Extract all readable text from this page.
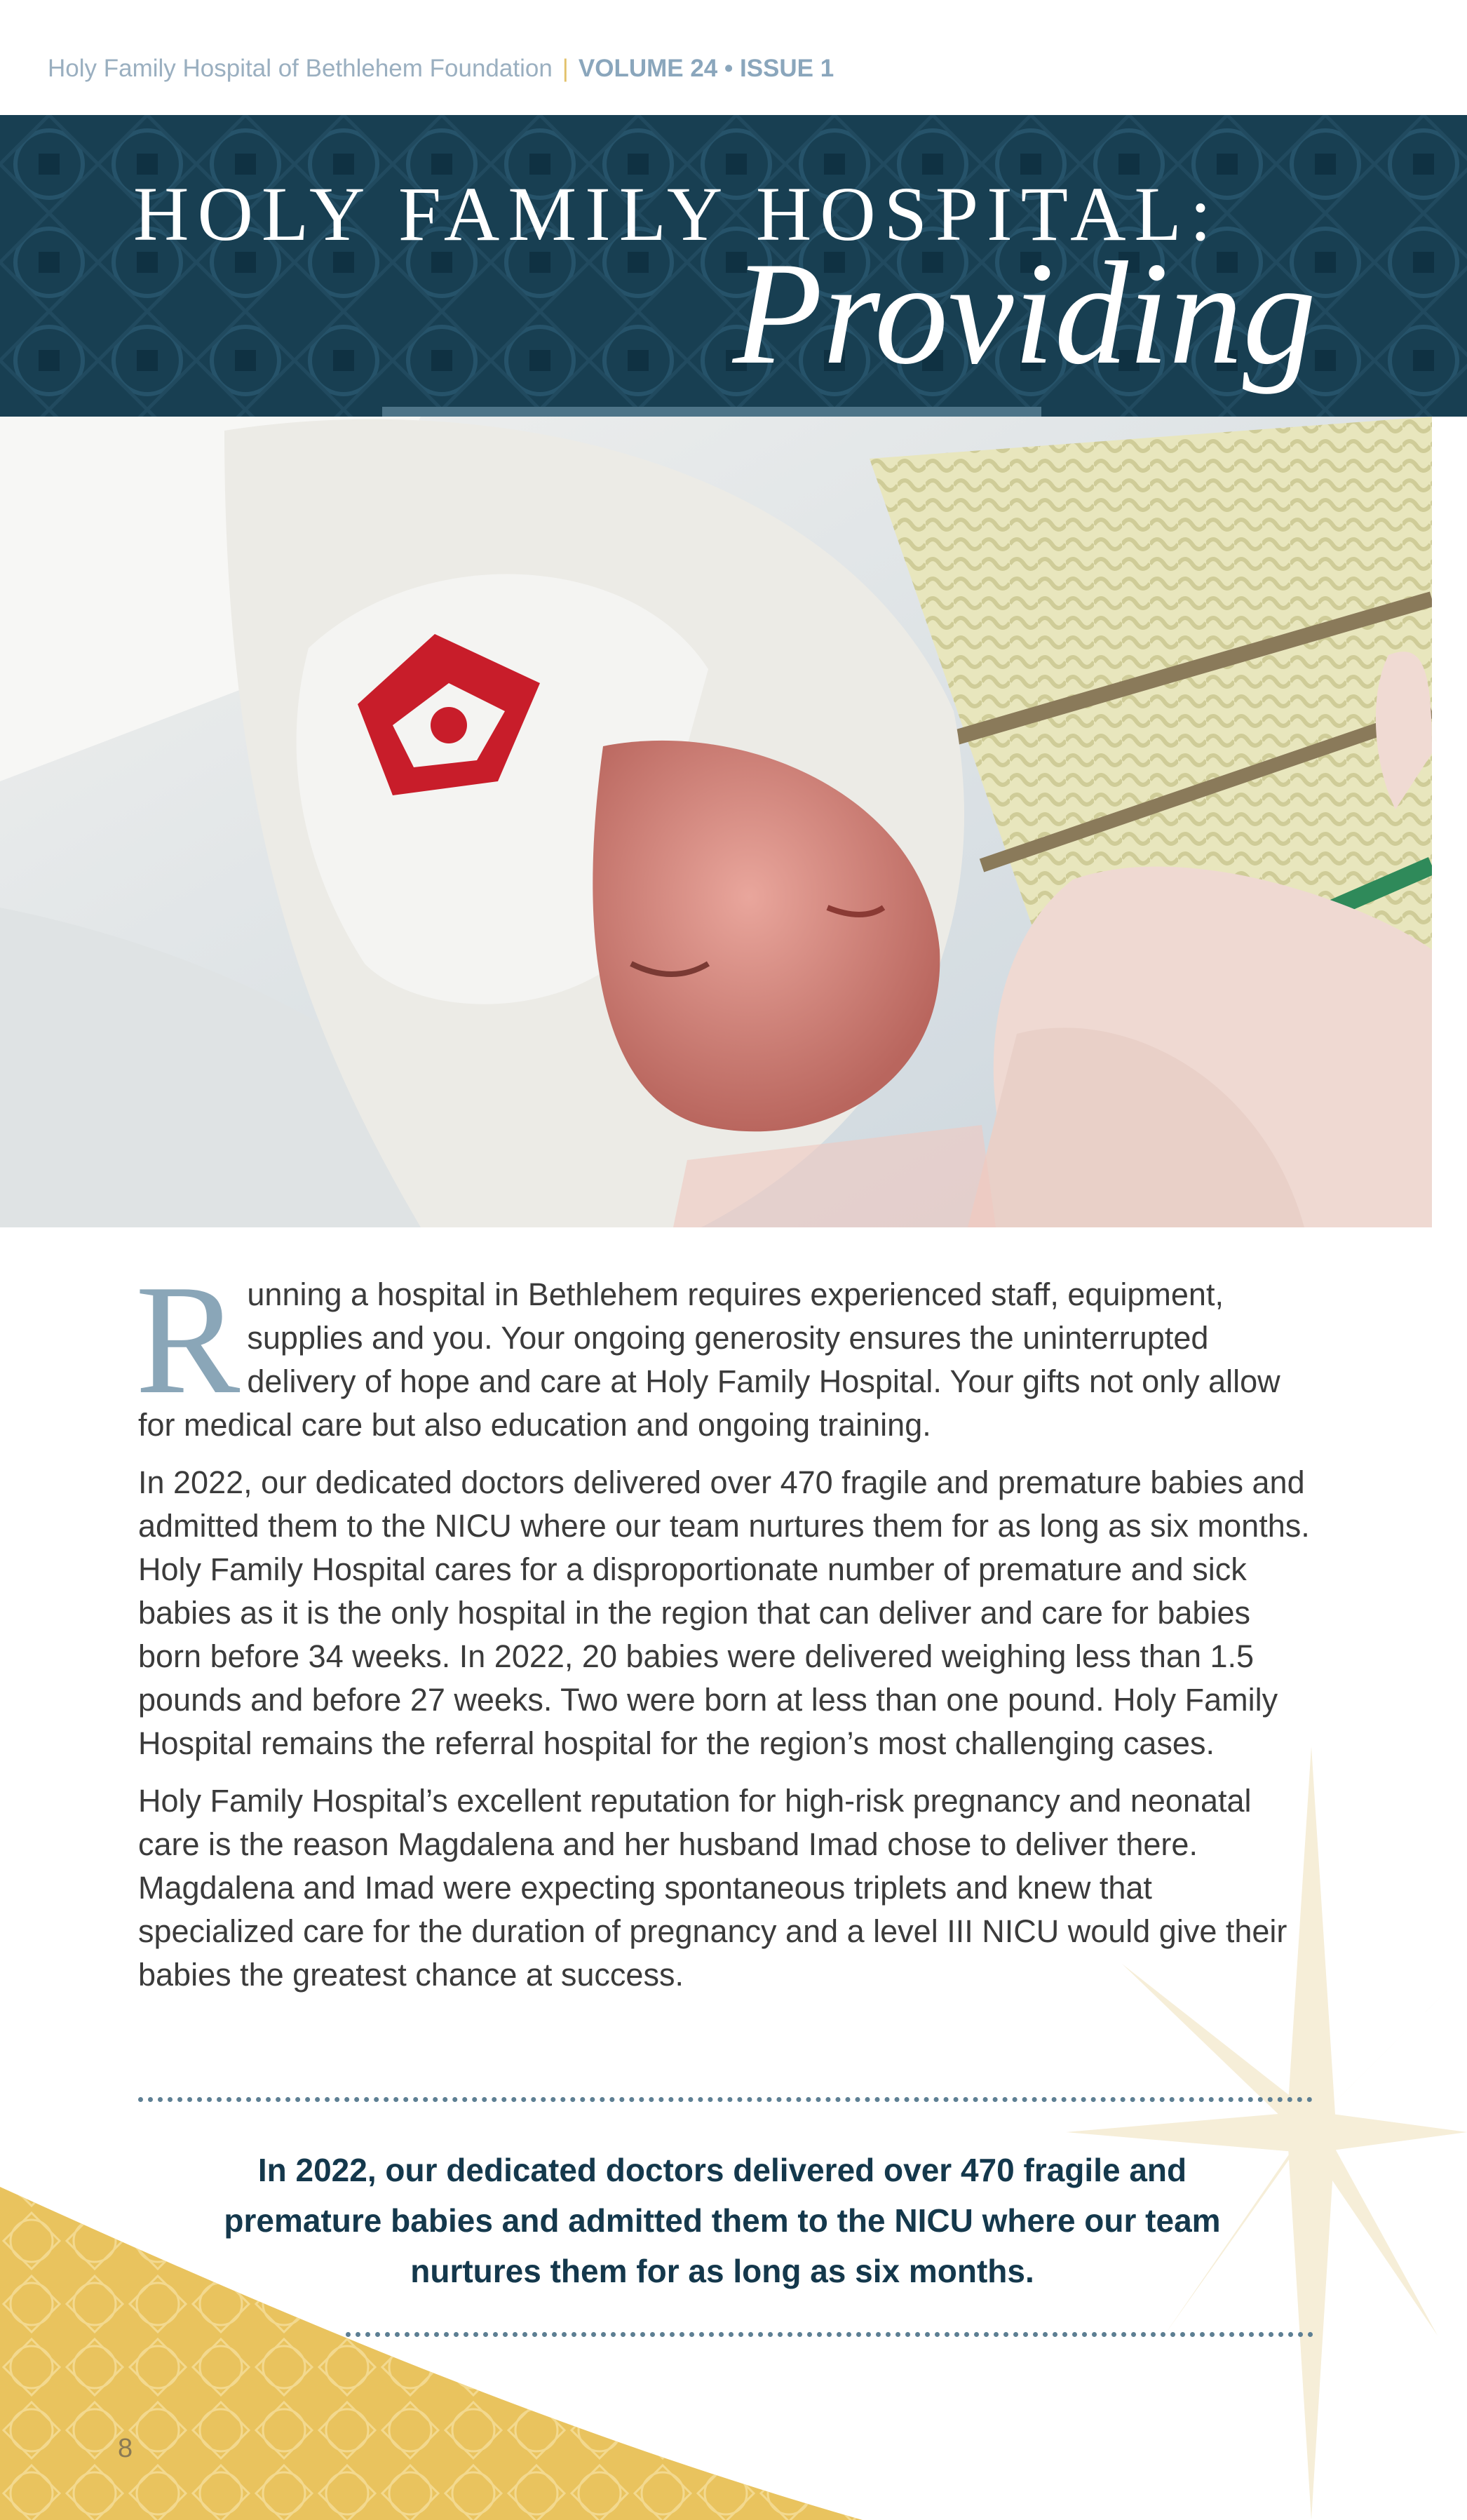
Holy Family Hospital of Bethlehem Foundation | VOLUME 24 • ISSUE 1
HOLY FAMILY HOSPITAL:
Providing

Running a hospital in Bethlehem requires experienced staff, equipment, supplies and you. Your ongoing generosity ensures the uninterrupted delivery of hope and care at Holy Family Hospital. Your gifts not only allow for medical care but also education and ongoing training.

In 2022, our dedicated doctors delivered over 470 fragile and premature babies and admitted them to the NICU where our team nurtures them for as long as six months. Holy Family Hospital cares for a disproportionate number of premature and sick babies as it is the only hospital in the region that can deliver and care for babies born before 34 weeks. In 2022, 20 babies were delivered weighing less than 1.5 pounds and before 27 weeks. Two were born at less than one pound. Holy Family Hospital remains the referral hospital for the region’s most challenging cases.

Holy Family Hospital’s excellent reputation for high-risk pregnancy and neonatal care is the reason Magdalena and her husband Imad chose to deliver there. Magdalena and Imad were expecting spontaneous triplets and knew that specialized care for the duration of pregnancy and a level III NICU would give their babies the greatest chance at success.

In 2022, our dedicated doctors delivered over 470 fragile and premature babies and admitted them to the NICU where our team nurtures them for as long as six months.
8
